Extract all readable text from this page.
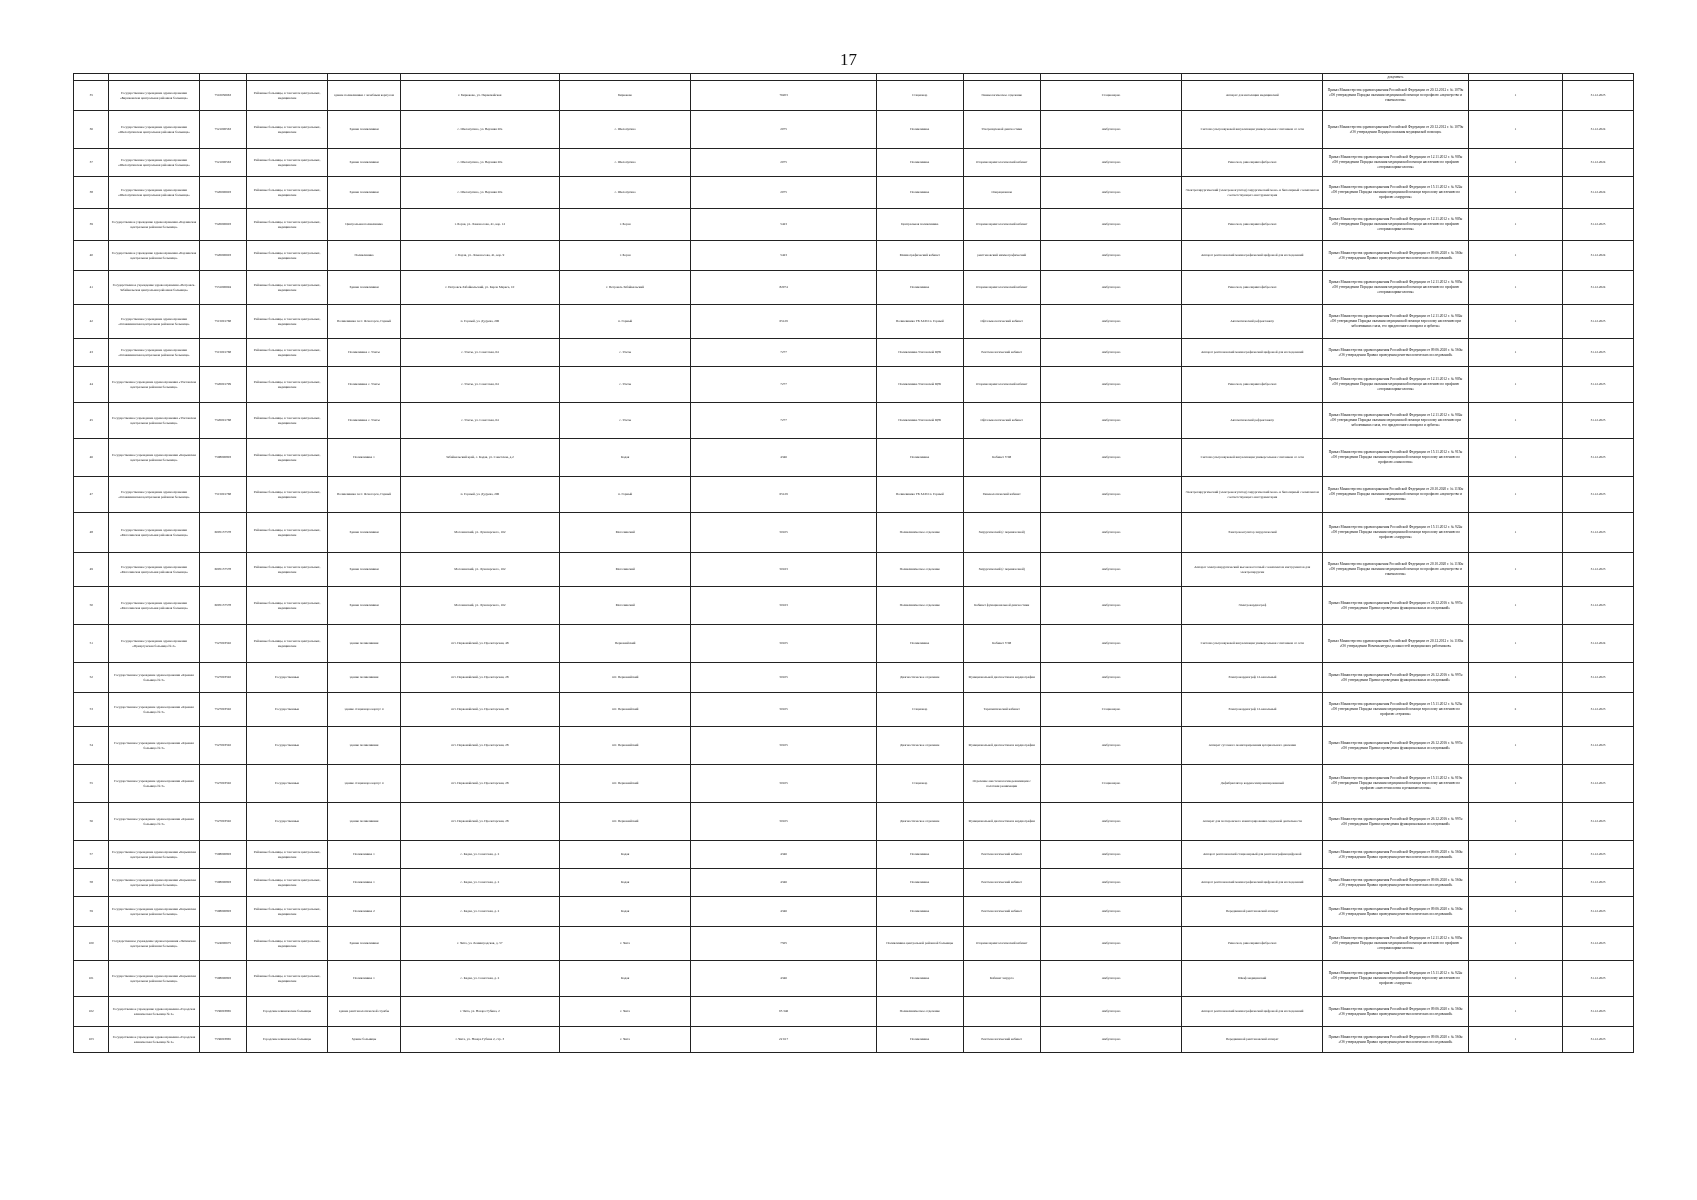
17
												документ»		
35	Государственное учреждение здравоохранения «Бирюковская центральная районная больница»	7510030663	Районные больницы, в том числе центральных, медицинские	здание поликлиники с лечебным корпусом	г. Бирюково, ул. Первомайская	Бирюково	76203	Стационар	Гинекологическое отделение	Стационарно	Аппарат для ингаляции медицинский	Приказ Министерства здравоохранения Российской Федерации от 20.12.2012 г. № 1079н «Об утверждении Порядка оказания медицинской помощи по профилю «акушерство и гинекология»	1	31.12.2025
36	Государственное учреждение здравоохранения «Шелопугинская центральная районная больница»	7521000563	Районные больницы, в том числе центральных, медицинские	Здание поликлиники	с. Шелопугино, ул. Верхняя 20а	с. Шелопугино	2075	Поликлиника	Ультразвуковой диагностики	Амбулаторно	Система ультразвуковой визуализации универсальная с питанием от сети	Приказ Министерства здравоохранения Российской Федерации от 20.12.2012 г. № 1079н «Об утверждении Порядка оказания медицинской помощи»	1	31.12.2024
37	Государственное учреждение здравоохранения «Шелопугинская центральная районная больница»	7521000563	Районные больницы, в том числе центральных, медицинские	Здание поликлиники	с. Шелопугино, ул. Верхняя 20а	с. Шелопугино	2075	Поликлиника	Оториноларингологический кабинет	Амбулаторно	Риноскоп, ринолярингофиброскоп	Приказ Министерства здравоохранения Российской Федерации от 12.11.2012 г. № 905н «Об утверждении Порядка оказания медицинской помощи населению по профилю «оториноларингология»	1	31.12.2024
38	Государственное учреждение здравоохранения «Шелопугинская центральная районная больница»	7520000603	Районные больницы, в том числе центральных, медицинские	Здание поликлиники	с. Шелопугино, ул. Верхняя 20а	с. Шелопугино	2075	Поликлиника	Операционная	Амбулаторно	Электрохирургический (электрокоагулятор) хирургический моно- и биполярный с комплектом соответствующего инструментария	Приказ Министерства здравоохранения Российской Федерации от 15.11.2012 г. № 922н «Об утверждении Порядка оказания медицинской помощи взрослому населению по профилю «хирургия»	1	31.12.2024
39	Государственное учреждение здравоохранения «Борзинская центральная районная больница»	7520000603	Районные больницы, в том числе центральных, медицинские	Центральная поликлиника	г. Борзя, ул. Ломоносова, 41, кор. 12	г. Борзя	5423	Центральная поликлиника	Оториноларингологический кабинет	Амбулаторно	Риноскоп, ринолярингофиброскоп	Приказ Министерства здравоохранения Российской Федерации от 12.11.2012 г. № 905н «Об утверждении Порядка оказания медицинской помощи населению по профилю «оториноларингология»	1	31.12.2025
40	Государственное учреждение здравоохранения «Борзинская центральная районная больница»	7520000603	Районные больницы, в том числе центральных, медицинские	Поликлиника	г. Борзя, ул. Ломоносова, 41, кор. 9	г. Борзя	5423	Маммографический кабинет	рентгеновский маммографический	Амбулаторно	Аппарат рентгеновский маммографический цифровой для исследований	Приказ Министерства здравоохранения Российской Федерации от 09.06.2020 г. № 560н «Об утверждении Правил проведения рентгенологических исследований»	1	31.12.2024
41	Государственное учреждение здравоохранения «Петровск-Забайкальская центральная районная больница»	7531000694	Районные больницы, в том числе центральных, медицинские	Здание поликлиники	г. Петровск-Забайкальский, ул. Карла Маркса, 10	г. Петровск-Забайкальский	82074	Поликлиника	Оториноларингологический кабинет	Амбулаторно	Риноскоп, ринолярингофиброскоп	Приказ Министерства здравоохранения Российской Федерации от 12.11.2012 г. № 905н «Об утверждении Порядка оказания медицинской помощи населению по профилю «оториноларингология»	1	31.12.2024
42	Государственное учреждение здравоохранения «Оловяннинская центральная районная больница»	7515001768	Районные больницы, в том числе центральных, медицинские	Поликлиника п.г.т. Ясногорск, Горный	п. Горный, ул. Дудуева, 206	п. Горный	65129	Поликлиника УБ ЗАТО п. Горный	Офтальмологический кабинет	Амбулаторно	Автоматический рефрактометр	Приказ Министерства здравоохранения Российской Федерации от 12.11.2012 г. № 902н «Об утверждении Порядка оказания медицинской помощи взрослому населению при заболеваниях глаза, его придаточного аппарата и орбиты»	1	31.12.2025
43	Государственное учреждение здравоохранения «Оловяннинская центральная районная больница»	7515001768	Районные больницы, в том числе центральных, медицинские	Поликлиника с. Улеты	с. Улеты, ул. Советская, 64	с. Улеты	7277	Поликлиника Улетовской ЦРБ	Рентгенологический кабинет	Амбулаторно	Аппарат рентгеновский маммографический цифровой для исследований	Приказ Министерства здравоохранения Российской Федерации от 09.06.2020 г. № 560н «Об утверждении Правил проведения рентгенологических исследований»	1	31.12.2025
44	Государственное учреждение здравоохранения «Улетовская центральная районная больница»	7520001799	Районные больницы, в том числе центральных, медицинские	Поликлиника с. Улеты	с. Улеты, ул. Советская, 64	с. Улеты	7277	Поликлиника Улетовской ЦРБ	Оториноларингологический кабинет	Амбулаторно	Риноскоп, ринолярингофиброскоп	Приказ Министерства здравоохранения Российской Федерации от 12.11.2012 г. № 905н «Об утверждении Порядка оказания медицинской помощи населению по профилю «оториноларингология»	1	31.12.2025
45	Государственное учреждение здравоохранения «Улетовская центральная районная больница»	7520001768	Районные больницы, в том числе центральных, медицинские	Поликлиника с. Улеты	с. Улеты, ул. Советская, 64	с. Улеты	7277	Поликлиника Улетовской ЦРБ	Офтальмологический кабинет	Амбулаторно	Автоматический рефрактометр	Приказ Министерства здравоохранения Российской Федерации от 12.11.2012 г. № 902н «Об утверждении Порядка оказания медицинской помощи взрослому населению при заболеваниях глаза, его придаточного аппарата и орбиты»	1	31.12.2025
46	Государственное учреждение здравоохранения «Карымская центральная районная больница»	7508000803	Районные больницы, в том числе центральных, медицинские	Поликлиника 1	Забайкальский край, с. Кадая, ул. Советская, д.2	Кадая	4346	Поликлиника	Кабинет УЗИ	Амбулаторно	Система ультразвуковой визуализации универсальная с питанием от сети	Приказ Министерства здравоохранения Российской Федерации от 15.11.2012 г. № 915н «Об утверждении Порядка оказания медицинской помощи взрослому населению по профилю «онкология»	1	31.12.2023
47	Государственное учреждение здравоохранения «Оловяннинская центральная районная больница»	7515001768	Районные больницы, в том числе центральных, медицинские	Поликлиника п.г.т. Ясногорск, Горный	п. Горный, ул. Дудуева, 206	п. Горный	65129	Поликлиника УБ ЗАТО п. Горный	Гинекологический кабинет	Амбулаторно	Электрохирургический (электрокоагулятор) хирургический моно- и биполярный с комплектом соответствующего инструментария	Приказ Министерства здравоохранения Российской Федерации от 20.10.2020 г. № 1130н «Об утверждении Порядка оказания медицинской помощи по профилю «акушерство и гинекология»	1	31.12.2023
48	Государственное учреждение здравоохранения «Могочинская центральная районная больница»	6005137578	Районные больницы, в том числе центральных, медицинские	Здание поликлиники	Могочинский, ул. Луначарского, 162	Могочинский	50105	Поликлиническое отделение	Хирургический (с перевязочной)	Амбулаторно	Электрокоагулятор хирургический	Приказ Министерства здравоохранения Российской Федерации от 15.11.2012 г. № 922н «Об утверждении Порядка оказания медицинской помощи взрослому населению по профилю «хирургия»	1	31.12.2023
49	Государственное учреждение здравоохранения «Могочинская центральная районная больница»	6005137578	Районные больницы, в том числе центральных, медицинские	Здание поликлиники	Могочинский, ул. Луначарского, 162	Могочинский	50163	Поликлиническое отделение	Хирургический (с перевязочной)	Амбулаторно	Аппарат электрохирургический высокочастотный с комплектом инструментов для электрохирургии	Приказ Министерства здравоохранения Российской Федерации от 20.10.2020 г. № 1130н «Об утверждении Порядка оказания медицинской помощи по профилю «акушерство и гинекология»	1	31.12.2023
50	Государственное учреждение здравоохранения «Могочинская центральная районная больница»	6005137578	Районные больницы, в том числе центральных, медицинские	Здание поликлиники	Могочинский, ул. Луначарского, 162	Могочинский	50163	Поликлиническое отделение	Кабинет функциональной диагностики	Амбулаторно	Электрокардиограф	Приказ Министерства здравоохранения Российской Федерации от 26.12.2016 г. № 997н «Об утверждении Правил проведения функциональных исследований»	1	31.12.2023
51	Государственное учреждение здравоохранения «Приаргунская больница № 2»	7527003592	Районные больницы, в том числе центральных, медицинские	здание поликлиники	пгт. Первомайский, ул. Пролетарская, 48	Первомайский	50105	Поликлиника	Кабинет УЗИ	Амбулаторно	Система ультразвуковой визуализации универсальная с питанием от сети	Приказ Министерства здравоохранения Российской Федерации от 20.12.2012 г. № 1183н «Об утверждении Номенклатуры должностей медицинских работников»	1	31.12.2024
52	Государственное учреждение здравоохранения «Краевая больница № 3»	7527003592	Государственные	здание поликлиники	пгт. Первомайский, ул. Пролетарская, 28	пгт. Первомайский	50105	Диагностическое отделение	Функциональной диагностики и кардиографии	Амбулаторно	Электрокардиограф 12-канальный	Приказ Министерства здравоохранения Российской Федерации от 26.12.2016 г. № 997н «Об утверждении Правил проведения функциональных исследований»	1	31.12.2023
53	Государственное учреждение здравоохранения «Краевая больница № 3»	7527003592	Государственные	здание стационара корпус 4	пгт. Первомайский, ул. Пролетарская, 28	пгт. Первомайский	50105	Стационар	Терапевтический кабинет	Стационарно	Электрокардиограф 12-канальный	Приказ Министерства здравоохранения Российской Федерации от 15.11.2012 г. № 923н «Об утверждении Порядка оказания медицинской помощи взрослому населению по профилю «терапия»	2	31.12.2023
54	Государственное учреждение здравоохранения «Краевая больница № 3»	7527003592	Государственные	здание поликлиники	пгт. Первомайский, ул. Пролетарская, 28	пгт. Первомайский	50105	Диагностическое отделение	Функциональной диагностики и кардиографии	Амбулаторно	Аппарат суточного мониторирования артериального давления	Приказ Министерства здравоохранения Российской Федерации от 26.12.2016 г. № 997н «Об утверждении Правил проведения функциональных исследований»	1	31.12.2023
55	Государственное учреждение здравоохранения «Краевая больница № 3»	7527003592	Государственные	здание стационара корпус 4	пгт. Первомайский, ул. Пролетарская, 28	пгт. Первомайский	50105	Стационар	Отделение анестезиологии-реанимации с палатами реанимации	Стационарно	Дефибриллятор кардиосинхронизированный	Приказ Министерства здравоохранения Российской Федерации от 15.11.2012 г. № 919н «Об утверждении Порядка оказания медицинской помощи взрослому населению по профилю «анестезиология и реаниматология»	1	31.12.2023
56	Государственное учреждение здравоохранения «Краевая больница № 3»	7527003592	Государственные	здание поликлиники	пгт. Первомайский, ул. Пролетарская, 28	пгт. Первомайский	50105	Диагностическое отделение	Функциональной диагностики и кардиографии	Амбулаторно	Аппарат для холтеровского мониторирования сердечной деятельности	Приказ Министерства здравоохранения Российской Федерации от 26.12.2016 г. № 997н «Об утверждении Правил проведения функциональных исследований»	1	31.12.2023
57	Государственное учреждение здравоохранения «Карымская центральная районная больница»	7508000803	Районные больницы, в том числе центральных, медицинские	Поликлиника 1	с. Кадая, ул. Советская, д. 2	Кадая	4346	Поликлиника	Рентгенологический кабинет	Амбулаторно	Аппарат рентгеновский стационарный для рентгенографии цифровой	Приказ Министерства здравоохранения Российской Федерации от 09.06.2020 г. № 560н «Об утверждении Правил проведения рентгенологических исследований»	1	31.12.2023
58	Государственное учреждение здравоохранения «Карымская центральная районная больница»	7508000803	Районные больницы, в том числе центральных, медицинские	Поликлиника 1	с. Кадая, ул. Советская, д. 2	Кадая	4346	Поликлиника	Рентгенологический кабинет	Амбулаторно	Аппарат рентгеновский маммографический цифровой для исследований	Приказ Министерства здравоохранения Российской Федерации от 09.06.2020 г. № 560н «Об утверждении Правил проведения рентгенологических исследований»	1	31.12.2023
59	Государственное учреждение здравоохранения «Карымская центральная районная больница»	7508000803	Районные больницы, в том числе центральных, медицинские	Поликлиника 2	с. Кадая, ул. Советская, д. 2	Кадая	4346	Поликлиника	Рентгенологический кабинет	Амбулаторно	Передвижной рентгеновский аппарат	Приказ Министерства здравоохранения Российской Федерации от 09.06.2020 г. № 560н «Об утверждении Правил проведения рентгенологических исследований»	1	31.12.2023
100	Государственное учреждение здравоохранения «Читинская центральная районная больница»	7524000675	Районные больницы, в том числе центральных, медицинские	Здание поликлиники	г. Чита, ул. Ленинградская, д. 57	г. Чита	7505	Поликлиника центральной районной больницы	Оториноларингологический кабинет	Амбулаторно	Риноскоп, ринолярингофиброскоп	Приказ Министерства здравоохранения Российской Федерации от 12.11.2012 г. № 905н «Об утверждении Порядка оказания медицинской помощи населению по профилю «оториноларингология»	1	31.12.2023
101	Государственное учреждение здравоохранения «Карымская центральная районная больница»	7508000803	Районные больницы, в том числе центральных, медицинские	Поликлиника 1	с. Кадая, ул. Советская, д. 2	Кадая	4346	Поликлиника	Кабинет хирурга	Амбулаторно	Шкаф медицинский	Приказ Министерства здравоохранения Российской Федерации от 15.11.2012 г. № 922н «Об утверждении Порядка оказания медицинской помощи взрослому населению по профилю «хирургия»	1	31.12.2023
102	Государственное учреждение здравоохранения «Городская клиническая больница № 2»	7536003865	Городские клинические больницы	здание рентгенологической службы	г. Чита, ул. Назара Губина, 2	г. Чита	95 346	Поликлиническое отделение		Амбулаторно	Аппарат рентгеновский маммографический цифровой для исследований	Приказ Министерства здравоохранения Российской Федерации от 09.06.2020 г. № 560н «Об утверждении Правил проведения рентгенологических исследований»	1	31.12.2023
103	Государственное учреждение здравоохранения «Городская клиническая больница № 2»	7536003865	Городские клинические больницы	Здание больницы	г. Чита, ул. Назара Губина 2, стр. 3	г. Чита	22 617	Поликлиника	Рентгенологический кабинет	Амбулаторно	Передвижной рентгеновский аппарат	Приказ Министерства здравоохранения Российской Федерации от 09.06.2020 г. № 560н «Об утверждении Правил проведения рентгенологических исследований»	1	31.12.2023
